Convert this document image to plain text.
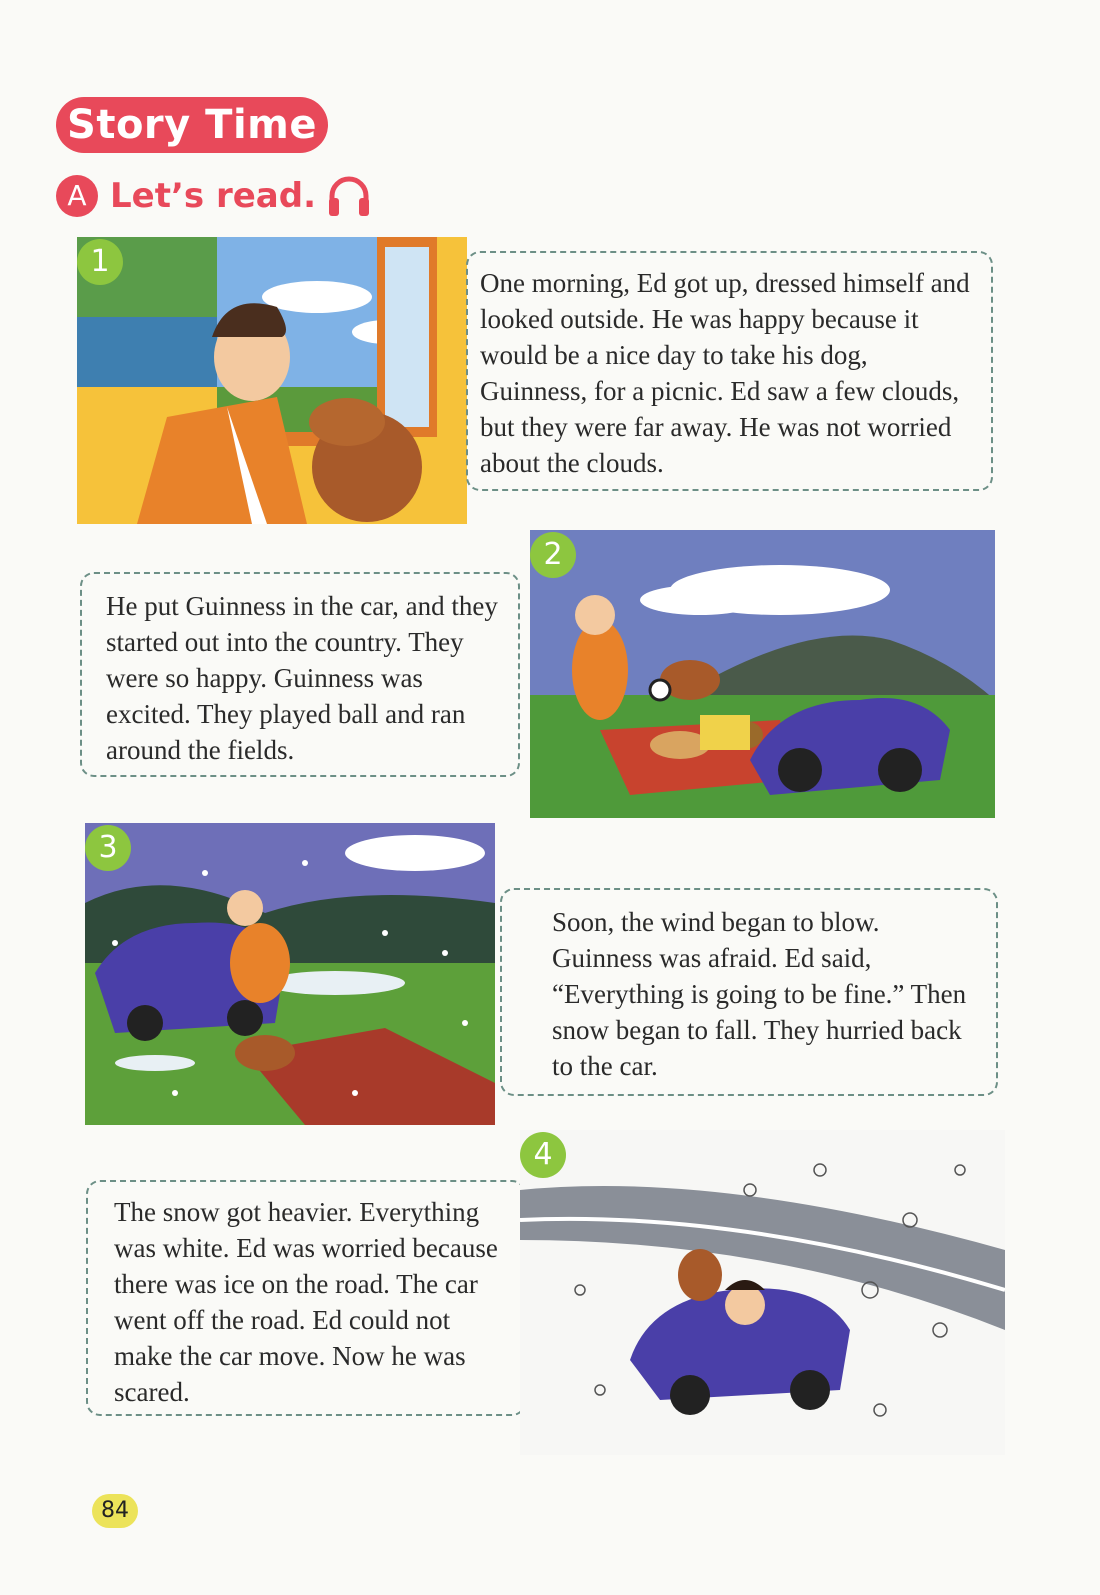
Story Time
A Let’s read.
1
One morning, Ed got up, dressed himself and looked outside. He was happy because it would be a nice day to take his dog, Guinness, for a picnic. Ed saw a few clouds, but they were far away. He was not worried about the clouds.
He put Guinness in the car, and they started out into the country. They were so happy. Guinness was excited. They played ball and ran around the fields.
2
3
Soon, the wind began to blow. Guinness was afraid. Ed said, “Everything is going to be fine.” Then snow began to fall. They hurried back to the car.
The snow got heavier. Everything was white. Ed was worried because there was ice on the road. The car went off the road. Ed could not make the car move. Now he was scared.
4
84
